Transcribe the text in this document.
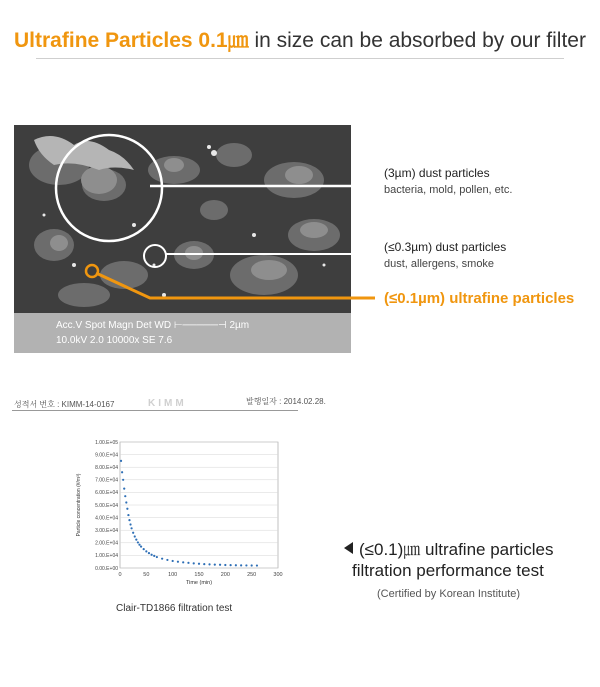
Ultrafine Particles 0.1㎛ in size can be absorbed by our filter
Acc.V Spot Magn Det WD ⊢─────⊣ 2µm
10.0kV 2.0 10000x SE 7.6
(3µm) dust particles
bacteria, mold, pollen, etc.
(≤0.3µm) dust particles
dust, allergens, smoke
(≤0.1µm) ultrafine particles
성적서 번호 : KIMM-14-0167	KIMM	발행일자 : 2014.02.28.
0.00.E+00
1.00.E+04
2.00.E+04
3.00.E+04
4.00.E+04
5.00.E+04
6.00.E+04
7.00.E+04
8.00.E+04
9.00.E+04
1.00.E+05
0	50	100	150	200	250	300
Particle concentration (#/m³)
Time (min)
Clair-TD1866 filtration test
(≤0.1)㎛ ultrafine particles
filtration performance test
(Certified by Korean Institute)
